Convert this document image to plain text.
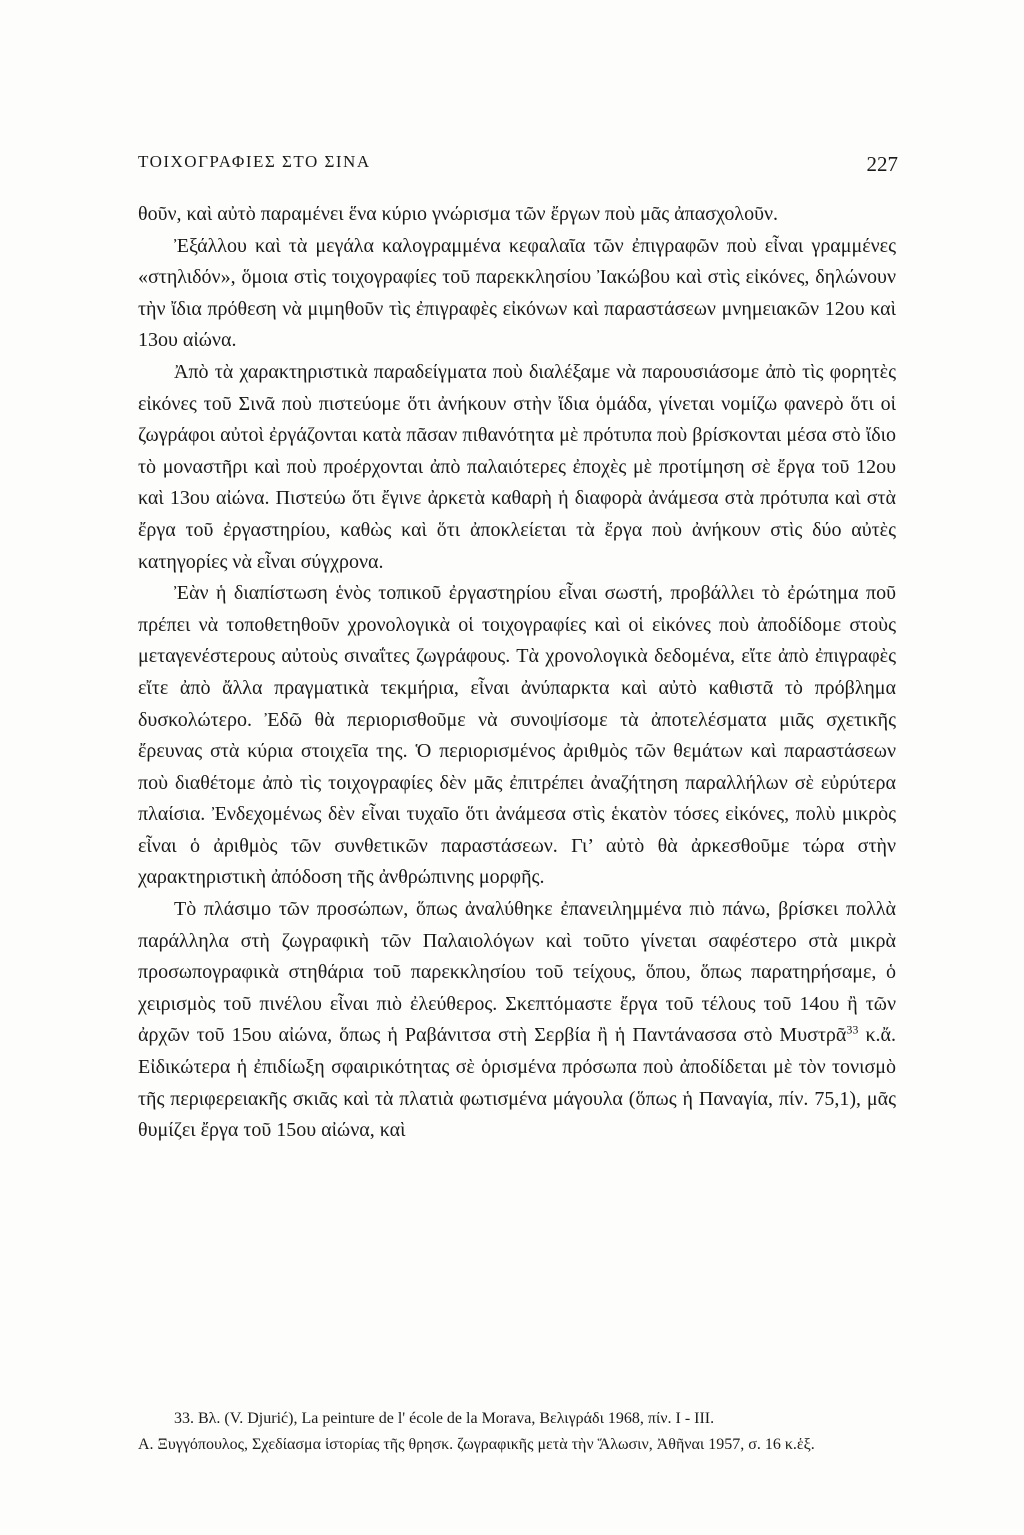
ΤΟΙΧΟΓΡΑΦΙΕΣ ΣΤΟ ΣΙΝΑ	227

θοῦν, καὶ αὐτὸ παραμένει ἕνα κύριο γνώρισμα τῶν ἔργων ποὺ μᾶς ἀπασχολοῦν.

Ἐξάλλου καὶ τὰ μεγάλα καλογραμμένα κεφαλαῖα τῶν ἐπιγραφῶν ποὺ εἶναι γραμμένες «στηλιδόν», ὅμοια στὶς τοιχογραφίες τοῦ παρεκκλησίου Ἰακώβου καὶ στὶς εἰκόνες, δηλώνουν τὴν ἴδια πρόθεση νὰ μιμηθοῦν τὶς ἐπιγραφὲς εἰκόνων καὶ παραστάσεων μνημειακῶν 12ου καὶ 13ου αἰώνα.

Ἀπὸ τὰ χαρακτηριστικὰ παραδείγματα ποὺ διαλέξαμε νὰ παρουσιάσομε ἀπὸ τὶς φορητὲς εἰκόνες τοῦ Σινᾶ ποὺ πιστεύομε ὅτι ἀνήκουν στὴν ἴδια ὁμάδα, γίνεται νομίζω φανερὸ ὅτι οἱ ζωγράφοι αὐτοὶ ἐργάζονται κατὰ πᾶσαν πιθανότητα μὲ πρότυπα ποὺ βρίσκονται μέσα στὸ ἴδιο τὸ μοναστῆρι καὶ ποὺ προέρχονται ἀπὸ παλαιότερες ἐποχὲς μὲ προτίμηση σὲ ἔργα τοῦ 12ου καὶ 13ου αἰώνα. Πιστεύω ὅτι ἔγινε ἀρκετὰ καθαρὴ ἡ διαφορὰ ἀνάμεσα στὰ πρότυπα καὶ στὰ ἔργα τοῦ ἐργαστηρίου, καθὼς καὶ ὅτι ἀποκλείεται τὰ ἔργα ποὺ ἀνήκουν στὶς δύο αὐτὲς κατηγορίες νὰ εἶναι σύγχρονα.

Ἐὰν ἡ διαπίστωση ἑνὸς τοπικοῦ ἐργαστηρίου εἶναι σωστή, προβάλλει τὸ ἐρώτημα ποῦ πρέπει νὰ τοποθετηθοῦν χρονολογικὰ οἱ τοιχογραφίες καὶ οἱ εἰκόνες ποὺ ἀποδίδομε στοὺς μεταγενέστερους αὐτοὺς σιναΐτες ζωγράφους. Τὰ χρονολογικὰ δεδομένα, εἴτε ἀπὸ ἐπιγραφὲς εἴτε ἀπὸ ἄλλα πραγματικὰ τεκμήρια, εἶναι ἀνύπαρκτα καὶ αὐτὸ καθιστᾶ τὸ πρόβλημα δυσκολώτερο. Ἐδῶ θὰ περιορισθοῦμε νὰ συνοψίσομε τὰ ἀποτελέσματα μιᾶς σχετικῆς ἔρευνας στὰ κύρια στοιχεῖα της. Ὁ περιορισμένος ἀριθμὸς τῶν θεμάτων καὶ παραστάσεων ποὺ διαθέτομε ἀπὸ τὶς τοιχογραφίες δὲν μᾶς ἐπιτρέπει ἀναζήτηση παραλλήλων σὲ εὐρύτερα πλαίσια. Ἐνδεχομένως δὲν εἶναι τυχαῖο ὅτι ἀνάμεσα στὶς ἑκατὸν τόσες εἰκόνες, πολὺ μικρὸς εἶναι ὁ ἀριθμὸς τῶν συνθετικῶν παραστάσεων. Γι’ αὐτὸ θὰ ἀρκεσθοῦμε τώρα στὴν χαρακτηριστικὴ ἀπόδοση τῆς ἀνθρώπινης μορφῆς.

Τὸ πλάσιμο τῶν προσώπων, ὅπως ἀναλύθηκε ἐπανειλημμένα πιὸ πάνω, βρίσκει πολλὰ παράλληλα στὴ ζωγραφικὴ τῶν Παλαιολόγων καὶ τοῦτο γίνεται σαφέστερο στὰ μικρὰ προσωπογραφικὰ στηθάρια τοῦ παρεκκλησίου τοῦ τείχους, ὅπου, ὅπως παρατηρήσαμε, ὁ χειρισμὸς τοῦ πινέλου εἶναι πιὸ ἐλεύθερος. Σκεπτόμαστε ἔργα τοῦ τέλους τοῦ 14ου ἢ τῶν ἀρχῶν τοῦ 15ου αἰώνα, ὅπως ἡ Ραβάνιτσα στὴ Σερβία ἢ ἡ Παντάνασσα στὸ Μυστρᾶ$^{33}$ κ.ἄ. Εἰδικώτερα ἡ ἐπιδίωξη σφαιρικότητας σὲ ὁρισμένα πρόσωπα ποὺ ἀποδίδεται μὲ τὸν τονισμὸ τῆς περιφερειακῆς σκιᾶς καὶ τὰ πλατιὰ φωτισμένα μάγουλα (ὅπως ἡ Παναγία, πίν. 75,1), μᾶς θυμίζει ἔργα τοῦ 15ου αἰώνα, καὶ

33. Βλ. (V. Djurić), La peinture de l' école de la Morava, Βελιγράδι 1968, πίν. I - III.

Α. Ξυγγόπουλος, Σχεδίασμα ἱστορίας τῆς θρησκ. ζωγραφικῆς μετὰ τὴν Ἅλωσιν, Ἀθῆναι 1957, σ. 16 κ.ἑξ.
